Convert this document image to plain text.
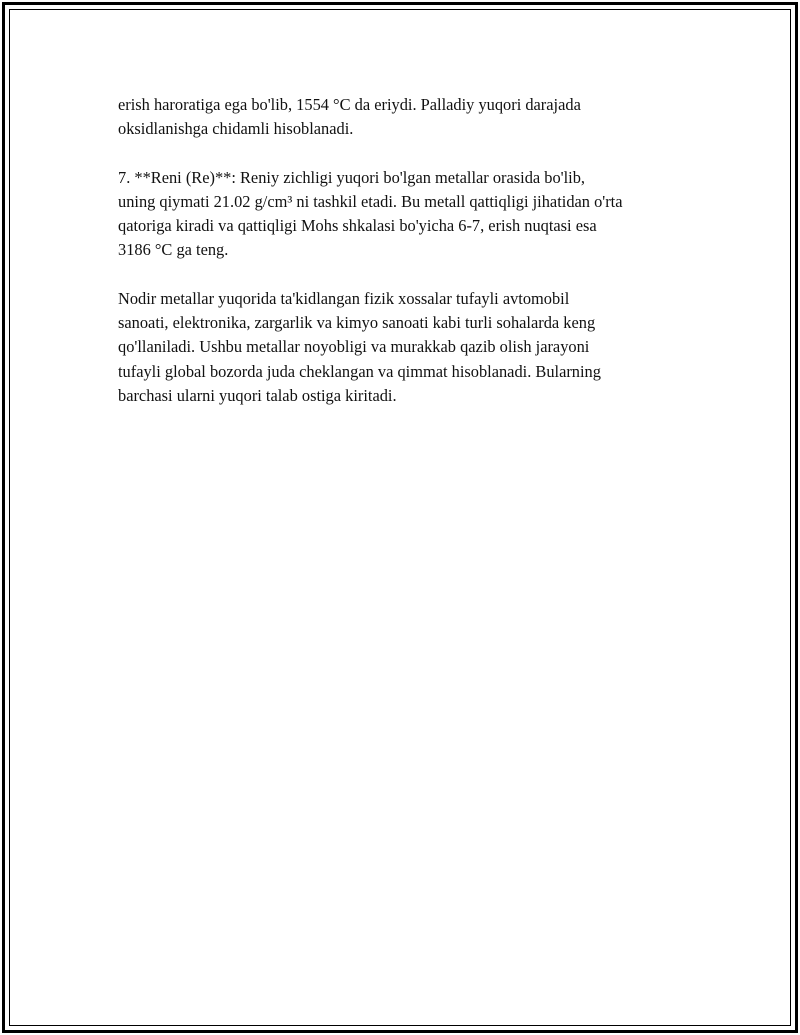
erish haroratiga ega bo'lib, 1554 °C da eriydi. Palladiy yuqori darajada
oksidlanishga chidamli hisoblanadi.

7. **Reni (Re)**: Reniy zichligi yuqori bo'lgan metallar orasida bo'lib,
uning qiymati 21.02 g/cm³ ni tashkil etadi. Bu metall qattiqligi jihatidan o'rta
qatoriga kiradi va qattiqligi Mohs shkalasi bo'yicha 6-7, erish nuqtasi esa
3186 °C ga teng.

Nodir metallar yuqorida ta'kidlangan fizik xossalar tufayli avtomobil
sanoati, elektronika, zargarlik va kimyo sanoati kabi turli sohalarda keng
qo'llaniladi. Ushbu metallar noyobligi va murakkab qazib olish jarayoni
tufayli global bozorda juda cheklangan va qimmat hisoblanadi. Bularning
barchasi ularni yuqori talab ostiga kiritadi.
